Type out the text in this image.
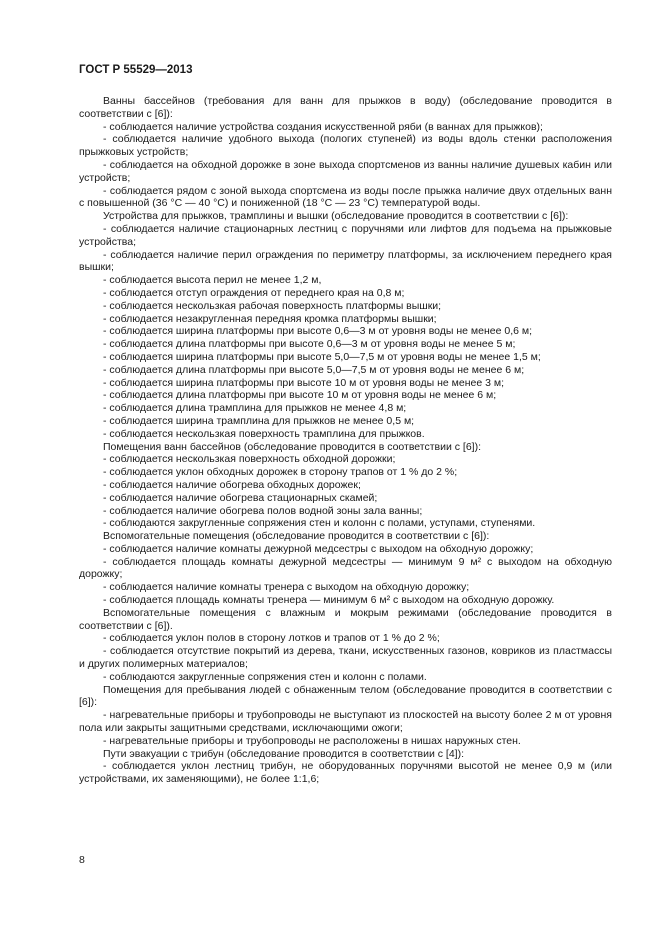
ГОСТ Р 55529—2013

Ванны бассейнов (требования для ванн для прыжков в воду) (обследование проводится в соответствии с [6]):

- соблюдается наличие устройства создания искусственной ряби (в ваннах для прыжков);

- соблюдается наличие удобного выхода (пологих ступеней) из воды вдоль стенки расположения прыжковых устройств;

- соблюдается на обходной дорожке в зоне выхода спортсменов из ванны наличие душевых кабин или устройств;

- соблюдается рядом с зоной выхода спортсмена из воды после прыжка наличие двух отдельных ванн с повышенной (36 °С — 40 °С) и пониженной (18 °С — 23 °С) температурой воды.

Устройства для прыжков, трамплины и вышки (обследование проводится в соответствии с [6]):

- соблюдается наличие стационарных лестниц с поручнями или лифтов для подъема на прыжковые устройства;

- соблюдается наличие перил ограждения по периметру платформы, за исключением переднего края вышки;

- соблюдается высота перил не менее 1,2 м,

- соблюдается отступ ограждения от переднего края на 0,8 м;

- соблюдается нескользкая рабочая поверхность платформы вышки;

- соблюдается незакругленная передняя кромка платформы вышки;

- соблюдается ширина платформы при высоте 0,6—3 м от уровня воды не менее 0,6 м;

- соблюдается длина платформы при высоте 0,6—3 м от уровня воды не менее 5 м;

- соблюдается ширина платформы при высоте 5,0—7,5 м от уровня воды не менее 1,5 м;

- соблюдается длина платформы при высоте 5,0—7,5 м от уровня воды не менее 6 м;

- соблюдается ширина платформы при высоте 10 м от уровня воды не менее 3 м;

- соблюдается длина платформы при высоте 10 м от уровня воды не менее 6 м;

- соблюдается длина трамплина для прыжков не менее 4,8 м;

- соблюдается ширина трамплина для прыжков не менее 0,5 м;

- соблюдается нескользкая поверхность трамплина для прыжков.

Помещения ванн бассейнов (обследование проводится в соответствии с [6]):

- соблюдается нескользкая поверхность обходной дорожки;

- соблюдается уклон обходных дорожек в сторону трапов от 1 % до 2 %;

- соблюдается наличие обогрева обходных дорожек;

- соблюдается наличие обогрева стационарных скамей;

- соблюдается наличие обогрева полов водной зоны зала ванны;

- соблюдаются закругленные сопряжения стен и колонн с полами, уступами, ступенями.

Вспомогательные помещения (обследование проводится в соответствии с [6]):

- соблюдается наличие комнаты дежурной медсестры с выходом на обходную дорожку;

- соблюдается площадь комнаты дежурной медсестры — минимум 9 м² с выходом на обходную дорожку;

- соблюдается наличие комнаты тренера с выходом на обходную дорожку;

- соблюдается площадь комнаты тренера — минимум 6 м² с выходом на обходную дорожку.

Вспомогательные помещения с влажным и мокрым режимами (обследование проводится в соответствии с [6]).

- соблюдается уклон полов в сторону лотков и трапов от 1 % до 2 %;

- соблюдается отсутствие покрытий из дерева, ткани, искусственных газонов, ковриков из пластмассы и других полимерных материалов;

- соблюдаются закругленные сопряжения стен и колонн с полами.

Помещения для пребывания людей с обнаженным телом (обследование проводится в соответствии с [6]):

- нагревательные приборы и трубопроводы не выступают из плоскостей на высоту более 2 м от уровня пола или закрыты защитными средствами, исключающими ожоги;

- нагревательные приборы и трубопроводы не расположены в нишах наружных стен.

Пути эвакуации с трибун (обследование проводится в соответствии с [4]):

- соблюдается уклон лестниц трибун, не оборудованных поручнями высотой не менее 0,9 м (или устройствами, их заменяющими), не более 1:1,6;

8
